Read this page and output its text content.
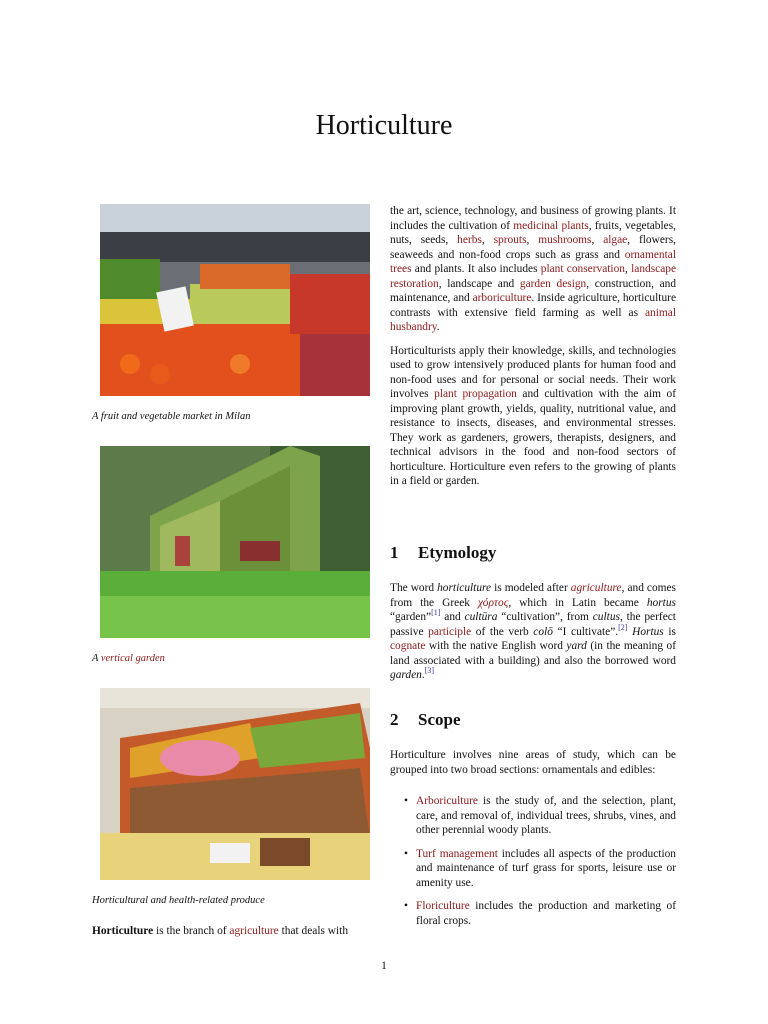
Horticulture
A fruit and vegetable market in Milan
A vertical garden
Horticultural and health-related produce
Horticulture is the branch of agriculture that deals with

the art, science, technology, and business of growing plants. It includes the cultivation of medicinal plants, fruits, vegetables, nuts, seeds, herbs, sprouts, mushrooms, algae, flowers, seaweeds and non-food crops such as grass and ornamental trees and plants. It also includes plant conservation, landscape restoration, landscape and garden design, construction, and maintenance, and arboriculture. Inside agriculture, horticulture contrasts with extensive field farming as well as animal husbandry.

Horticulturists apply their knowledge, skills, and technologies used to grow intensively produced plants for human food and non-food uses and for personal or social needs. Their work involves plant propagation and cultivation with the aim of improving plant growth, yields, quality, nutritional value, and resistance to insects, diseases, and environmental stresses. They work as gardeners, growers, therapists, designers, and technical advisors in the food and non-food sectors of horticulture. Horticulture even refers to the growing of plants in a field or garden.

1 Etymology

The word horticulture is modeled after agriculture, and comes from the Greek χόρτος, which in Latin became hortus “garden”[1] and cultūra “cultivation”, from cultus, the perfect passive participle of the verb colō “I cultivate”.[2] Hortus is cognate with the native English word yard (in the meaning of land associated with a building) and also the borrowed word garden.[3]

2 Scope

Horticulture involves nine areas of study, which can be grouped into two broad sections: ornamentals and edibles:

• Arboriculture is the study of, and the selection, plant, care, and removal of, individual trees, shrubs, vines, and other perennial woody plants.
• Turf management includes all aspects of the production and maintenance of turf grass for sports, leisure use or amenity use.
• Floriculture includes the production and marketing of floral crops.
1
